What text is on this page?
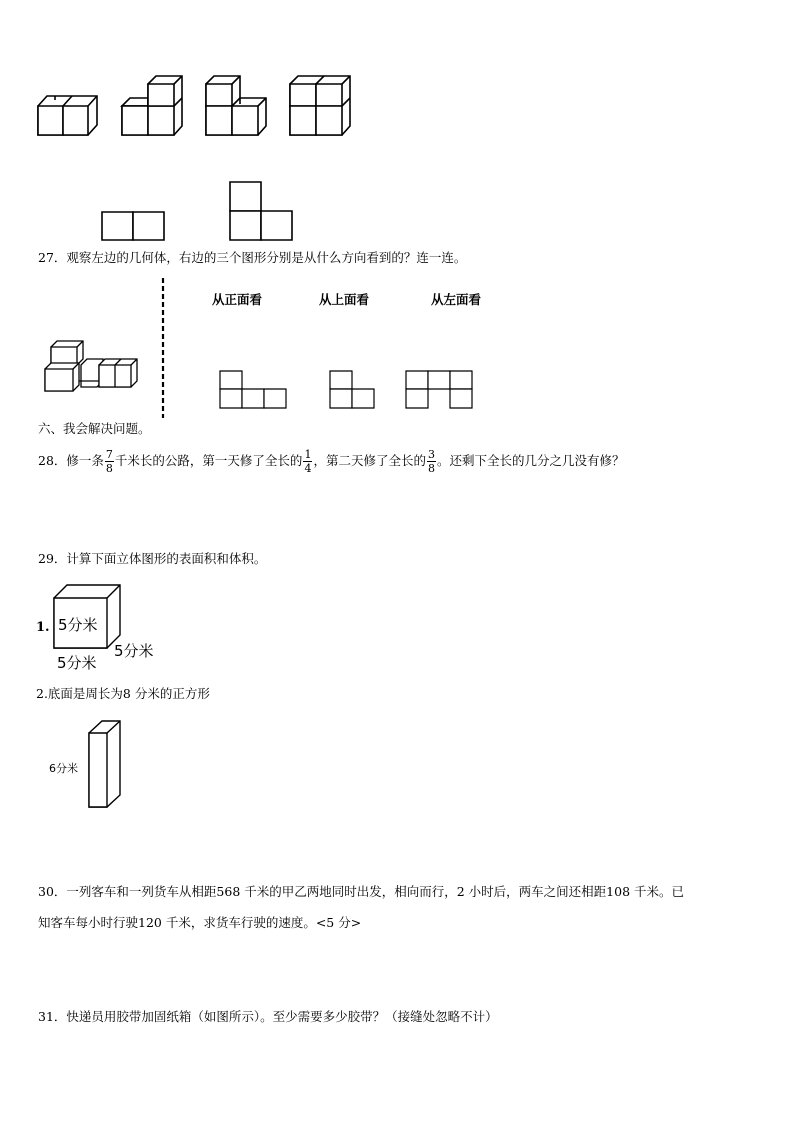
27．观察左边的几何体，右边的三个图形分别是从什么方向看到的？连一连。
从正面看	从上面看	从左面看
六、我会解决问题。
28． 修一条 $\frac{7}{8}$ 千米长的公路，第一天修了全长的 $\frac{1}{4}$ ，第二天修了全长的 $\frac{3}{8}$ 。还剩下全长的几分之几没有修？
29．计算下面立体图形的表面积和体积。
1. 5分米
5分米
5分米
2.底面是周长为8 分米的正方形
6分米
30．一列客车和一列货车从相距568 千米的甲乙两地同时出发，相向而行，2 小时后，两车之间还相距108 千米。已
知客车每小时行驶120 千米，求货车行驶的速度。<5 分>
31．快递员用胶带加固纸箱（如图所示）。至少需要多少胶带？（接缝处忽略不计）
